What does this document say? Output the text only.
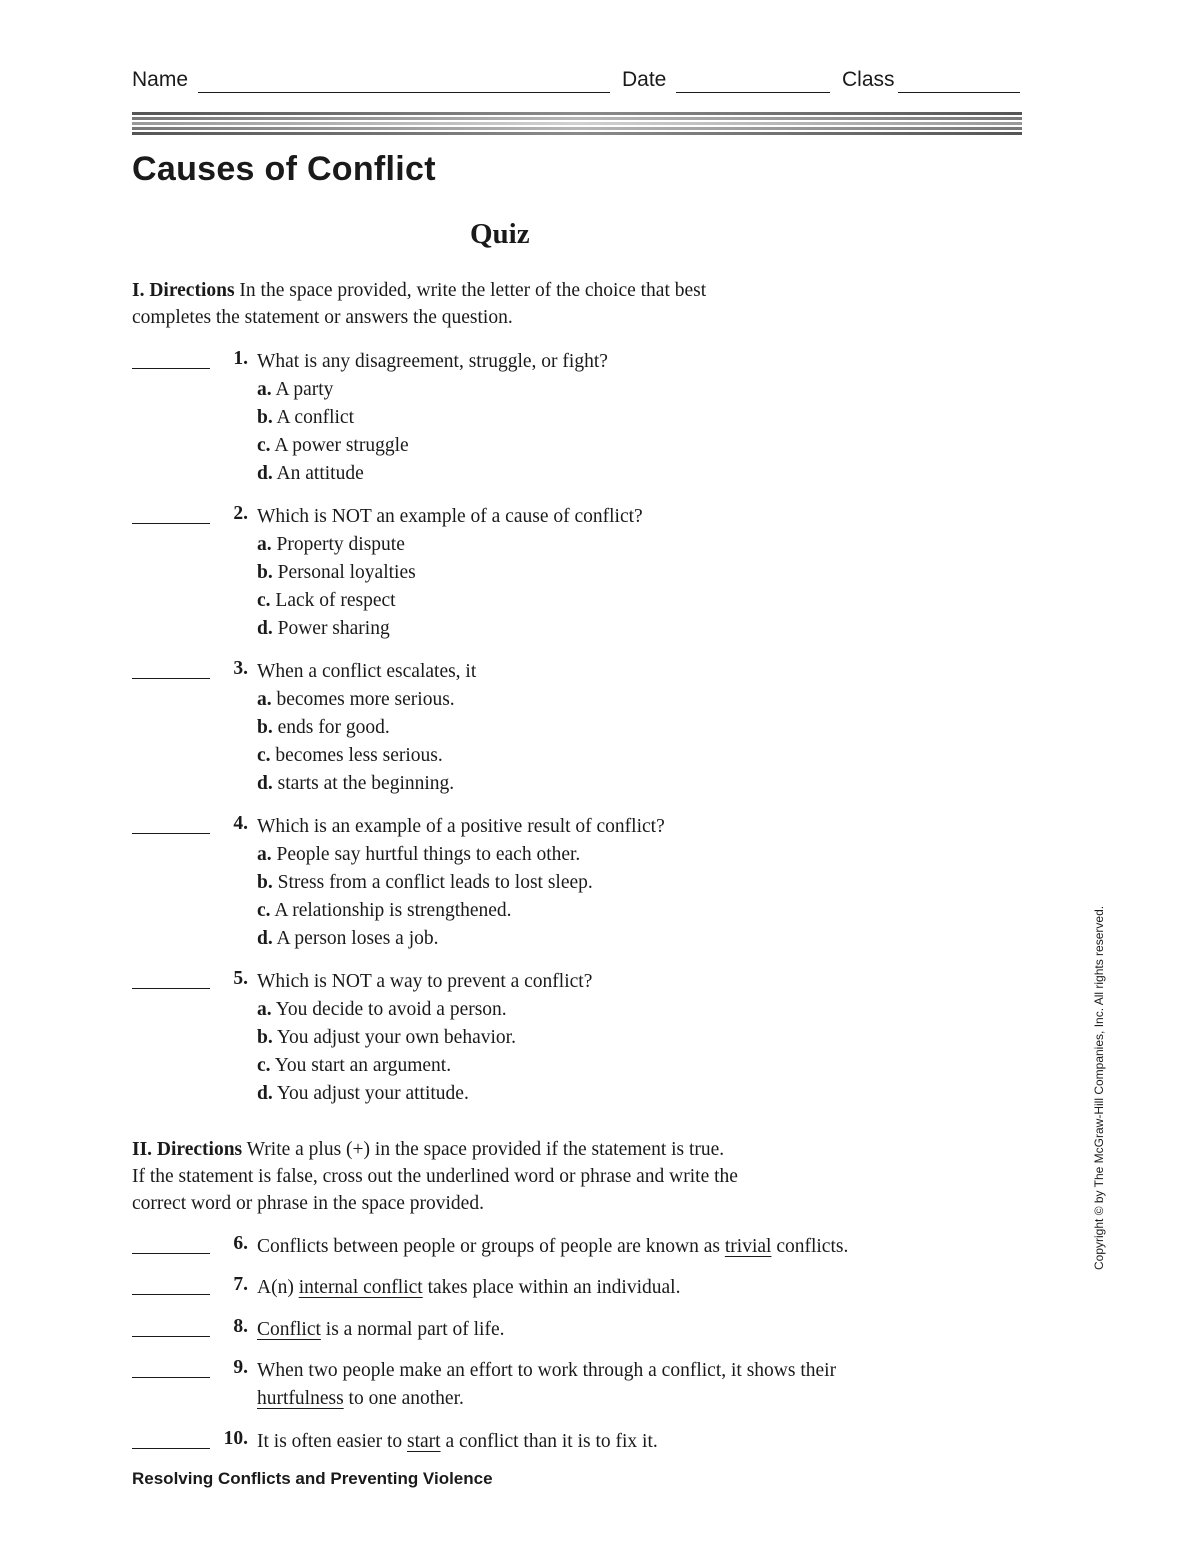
Name	Date	Class
Causes of Conflict
Quiz
I. Directions In the space provided, write the letter of the choice that best
completes the statement or answers the question.
1. What is any disagreement, struggle, or fight?
a. A party
b. A conflict
c. A power struggle
d. An attitude
2. Which is NOT an example of a cause of conflict?
a. Property dispute
b. Personal loyalties
c. Lack of respect
d. Power sharing
3. When a conflict escalates, it
a. becomes more serious.
b. ends for good.
c. becomes less serious.
d. starts at the beginning.
4. Which is an example of a positive result of conflict?
a. People say hurtful things to each other.
b. Stress from a conflict leads to lost sleep.
c. A relationship is strengthened.
d. A person loses a job.
5. Which is NOT a way to prevent a conflict?
a. You decide to avoid a person.
b. You adjust your own behavior.
c. You start an argument.
d. You adjust your attitude.
II. Directions Write a plus (+) in the space provided if the statement is true.
If the statement is false, cross out the underlined word or phrase and write the
correct word or phrase in the space provided.
6. Conflicts between people or groups of people are known as trivial conflicts.
7. A(n) internal conflict takes place within an individual.
8. Conflict is a normal part of life.
9. When two people make an effort to work through a conflict, it shows their
hurtfulness to one another.
10. It is often easier to start a conflict than it is to fix it.
Copyright © by The McGraw-Hill Companies, Inc. All rights reserved.
Resolving Conflicts and Preventing Violence
